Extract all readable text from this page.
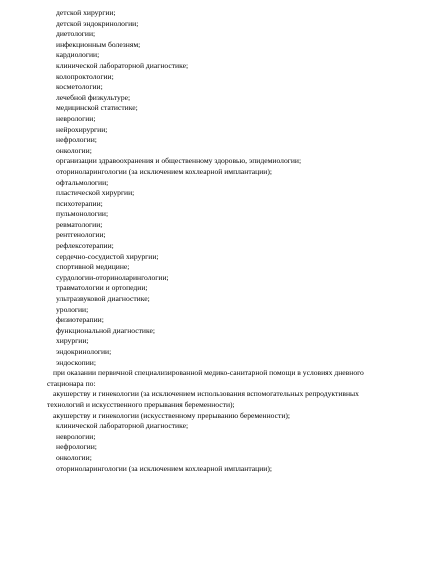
детской хирургии;
детской эндокринологии;
диетологии;
инфекционным болезням;
кардиологии;
клинической лабораторной диагностике;
колопроктологии;
косметологии;
лечебной физкультуре;
медицинской статистике;
неврологии;
нейрохирургии;
нефрологии;
онкологии;
организации здравоохранения и общественному здоровью, эпидемиологии;
оториноларингологии (за исключением кохлеарной имплантации);
офтальмологии;
пластической хирургии;
психотерапии;
пульмонологии;
ревматологии;
рентгенологии;
рефлексотерапии;
сердечно-сосудистой хирургии;
спортивной медицине;
сурдологии-оториноларингологии;
травматологии и ортопедии;
ультразвуковой диагностике;
урологии;
физиотерапии;
функциональной диагностике;
хирургии;
эндокринологии;
эндоскопии;
при оказании первичной специализированной медико-санитарной помощи в условиях дневного
стационара по:
акушерству и гинекологии (за исключением использования вспомогательных репродуктивных
технологий и искусственного прерывания беременности);
акушерству и гинекологии (искусственному прерыванию беременности);
клинической лабораторной диагностике;
неврологии;
нефрологии;
онкологии;
оториноларингологии (за исключением кохлеарной имплантации);
